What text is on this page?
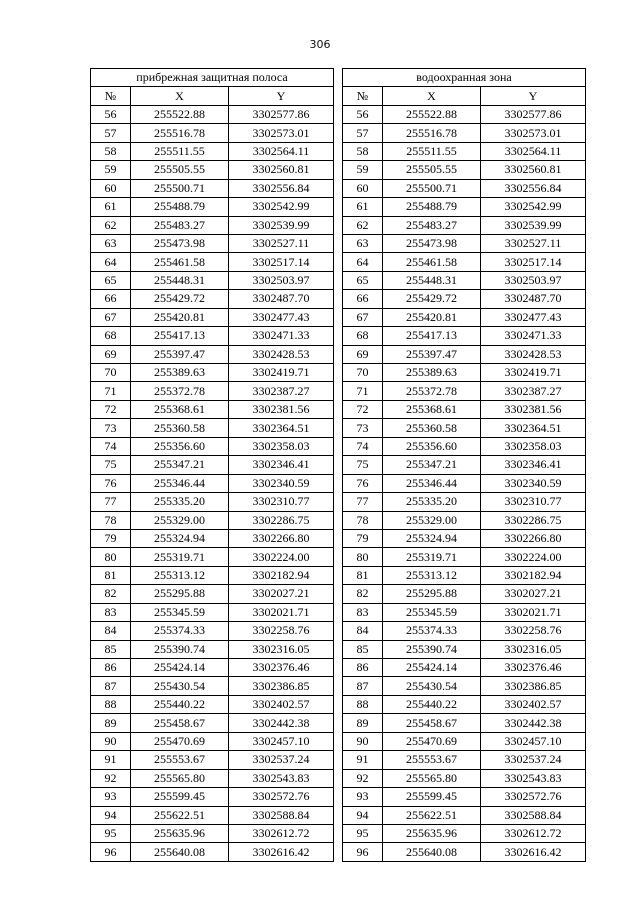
306
прибрежная защитная полоса		
№	X	Y
56	255522.88	3302577.86
57	255516.78	3302573.01
58	255511.55	3302564.11
59	255505.55	3302560.81
60	255500.71	3302556.84
61	255488.79	3302542.99
62	255483.27	3302539.99
63	255473.98	3302527.11
64	255461.58	3302517.14
65	255448.31	3302503.97
66	255429.72	3302487.70
67	255420.81	3302477.43
68	255417.13	3302471.33
69	255397.47	3302428.53
70	255389.63	3302419.71
71	255372.78	3302387.27
72	255368.61	3302381.56
73	255360.58	3302364.51
74	255356.60	3302358.03
75	255347.21	3302346.41
76	255346.44	3302340.59
77	255335.20	3302310.77
78	255329.00	3302286.75
79	255324.94	3302266.80
80	255319.71	3302224.00
81	255313.12	3302182.94
82	255295.88	3302027.21
83	255345.59	3302021.71
84	255374.33	3302258.76
85	255390.74	3302316.05
86	255424.14	3302376.46
87	255430.54	3302386.85
88	255440.22	3302402.57
89	255458.67	3302442.38
90	255470.69	3302457.10
91	255553.67	3302537.24
92	255565.80	3302543.83
93	255599.45	3302572.76
94	255622.51	3302588.84
95	255635.96	3302612.72
96	255640.08	3302616.42
водоохранная зона		
№	X	Y
56	255522.88	3302577.86
57	255516.78	3302573.01
58	255511.55	3302564.11
59	255505.55	3302560.81
60	255500.71	3302556.84
61	255488.79	3302542.99
62	255483.27	3302539.99
63	255473.98	3302527.11
64	255461.58	3302517.14
65	255448.31	3302503.97
66	255429.72	3302487.70
67	255420.81	3302477.43
68	255417.13	3302471.33
69	255397.47	3302428.53
70	255389.63	3302419.71
71	255372.78	3302387.27
72	255368.61	3302381.56
73	255360.58	3302364.51
74	255356.60	3302358.03
75	255347.21	3302346.41
76	255346.44	3302340.59
77	255335.20	3302310.77
78	255329.00	3302286.75
79	255324.94	3302266.80
80	255319.71	3302224.00
81	255313.12	3302182.94
82	255295.88	3302027.21
83	255345.59	3302021.71
84	255374.33	3302258.76
85	255390.74	3302316.05
86	255424.14	3302376.46
87	255430.54	3302386.85
88	255440.22	3302402.57
89	255458.67	3302442.38
90	255470.69	3302457.10
91	255553.67	3302537.24
92	255565.80	3302543.83
93	255599.45	3302572.76
94	255622.51	3302588.84
95	255635.96	3302612.72
96	255640.08	3302616.42
